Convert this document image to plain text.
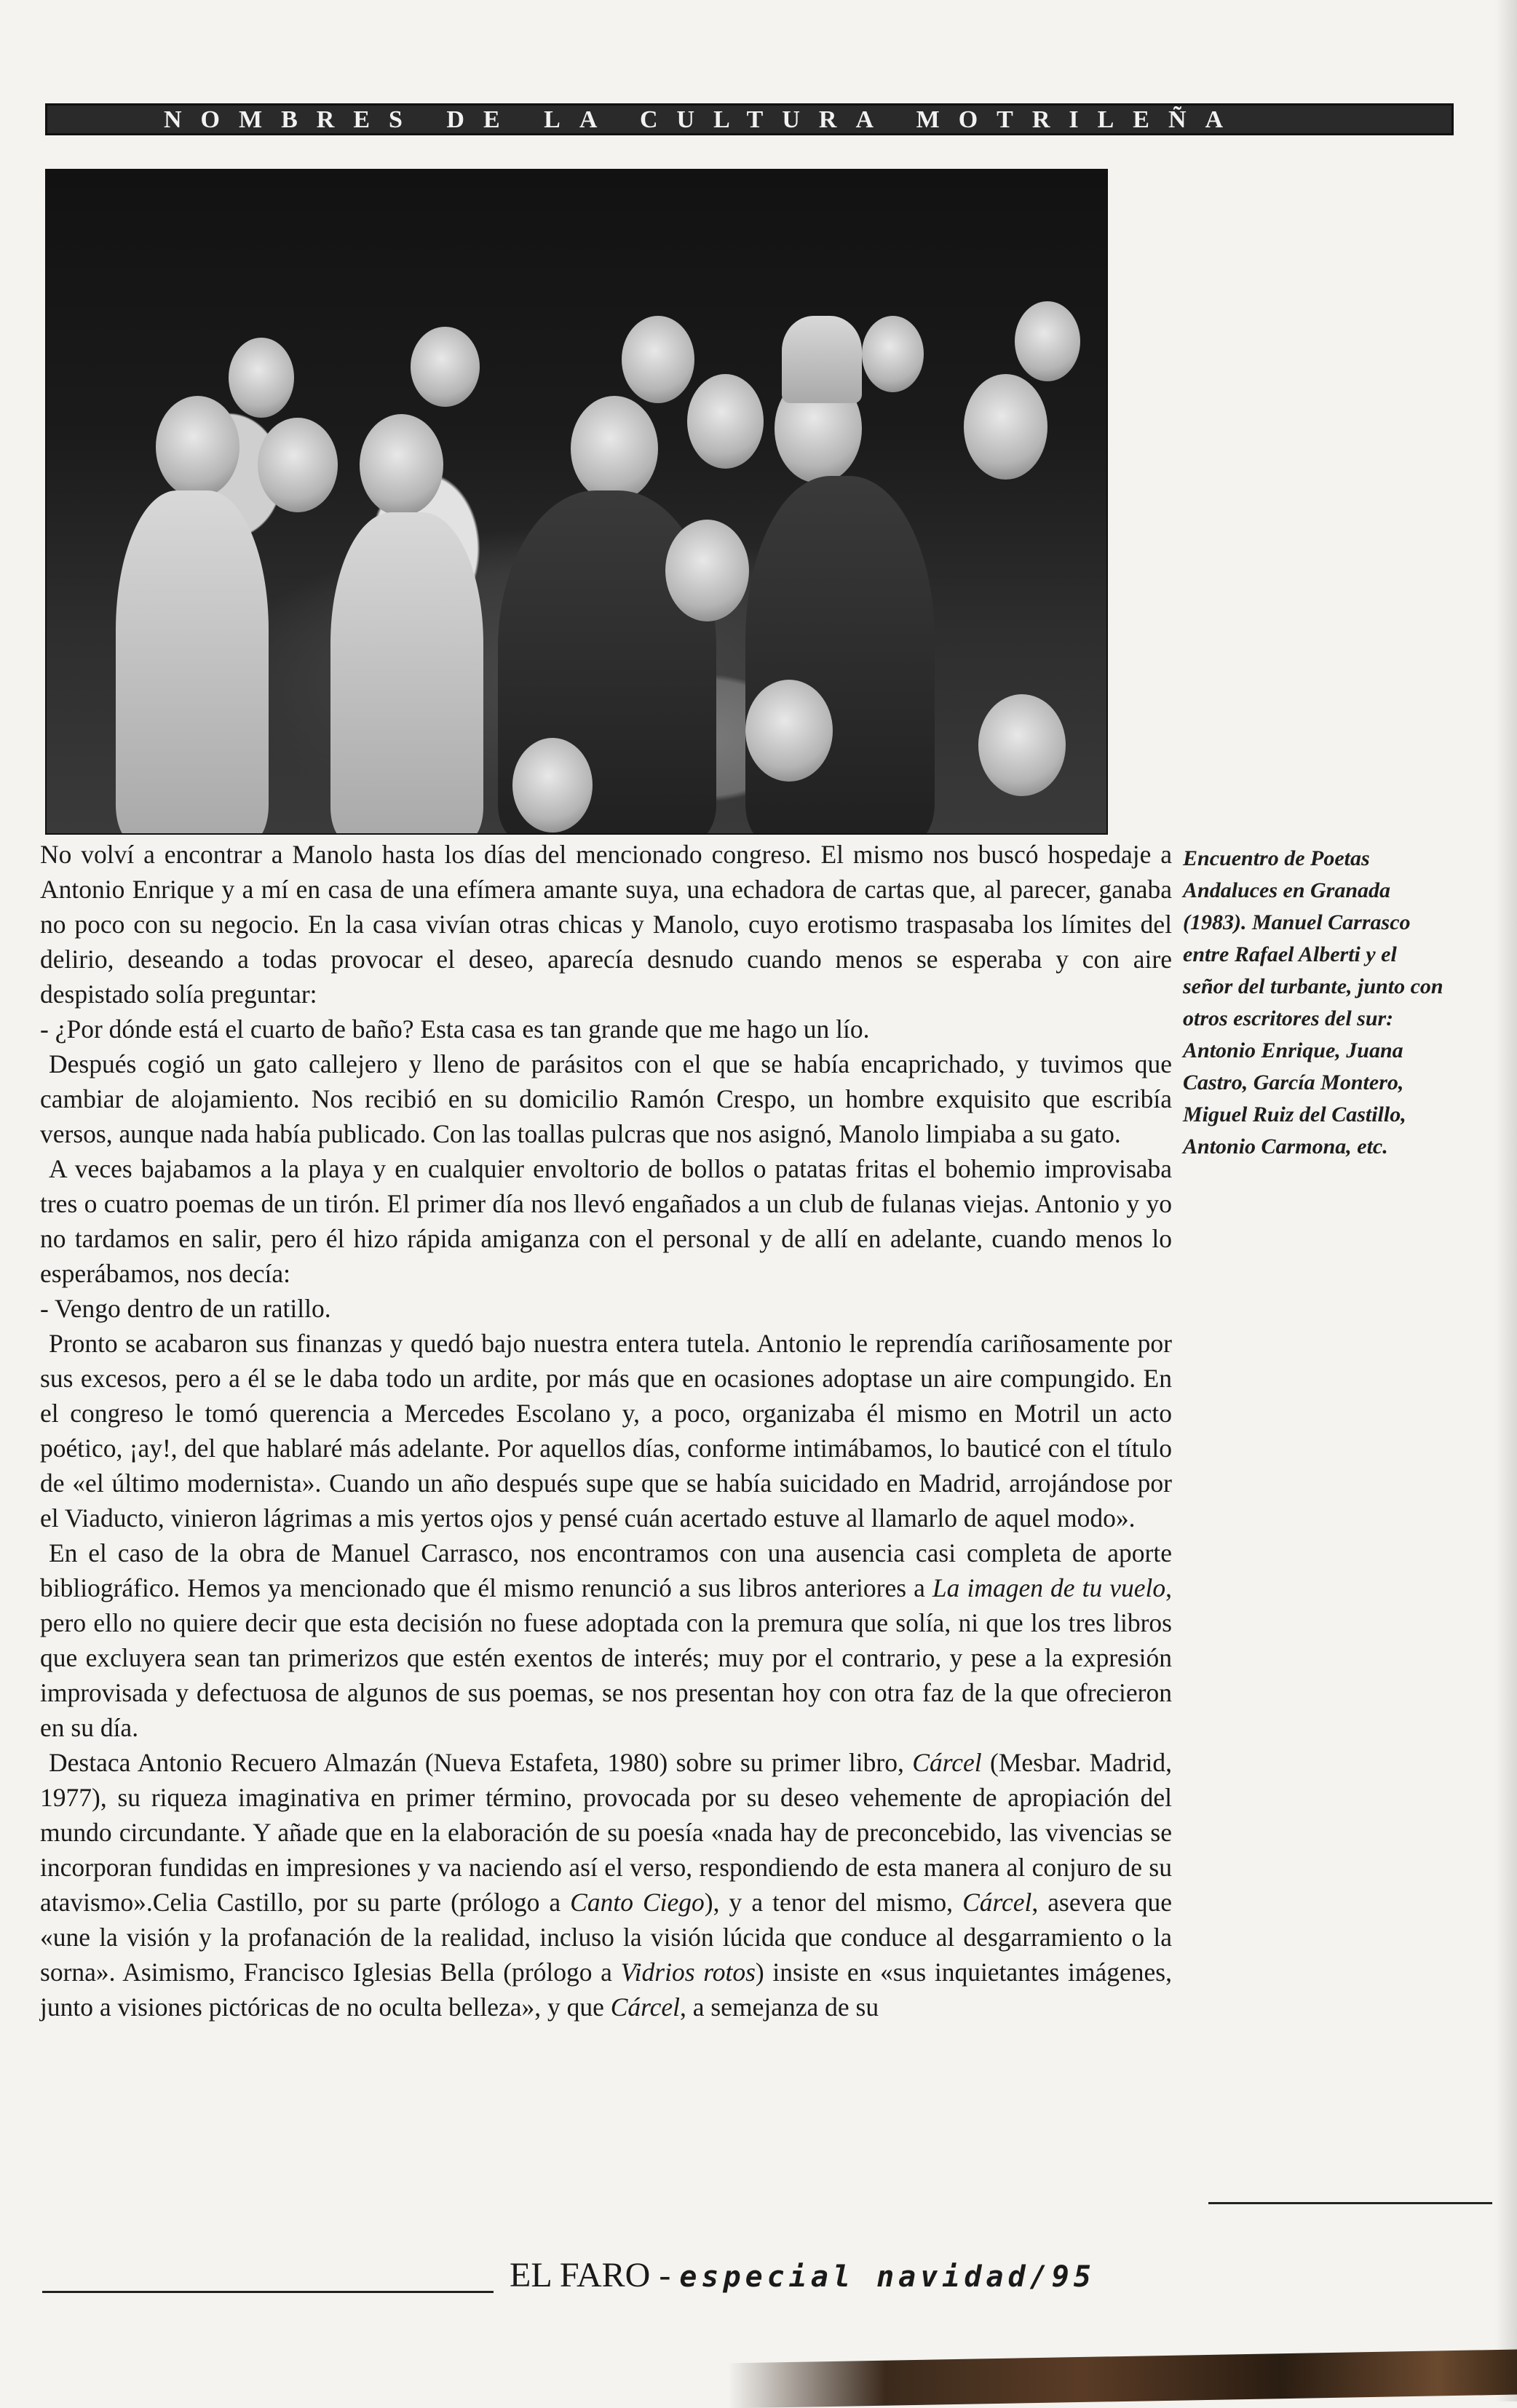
NOMBRES DE LA CULTURA MOTRILEÑA

No volví a encontrar a Manolo hasta los días del mencionado congreso. El mismo nos buscó hospedaje a Antonio Enrique y a mí en casa de una efímera amante suya, una echadora de cartas que, al parecer, ganaba no poco con su negocio. En la casa vivían otras chicas y Manolo, cuyo erotismo traspasaba los límites del delirio, deseando a todas provocar el deseo, aparecía desnudo cuando menos se esperaba y con aire despistado solía preguntar:

- ¿Por dónde está el cuarto de baño? Esta casa es tan grande que me hago un lío.

Después cogió un gato callejero y lleno de parásitos con el que se había encaprichado, y tuvimos que cambiar de alojamiento. Nos recibió en su domicilio Ramón Crespo, un hombre exquisito que escribía versos, aunque nada había publicado. Con las toallas pulcras que nos asignó, Manolo limpiaba a su gato.

A veces bajabamos a la playa y en cualquier envoltorio de bollos o patatas fritas el bohemio improvisaba tres o cuatro poemas de un tirón. El primer día nos llevó engañados a un club de fulanas viejas. Antonio y yo no tardamos en salir, pero él hizo rápida amiganza con el personal y de allí en adelante, cuando menos lo esperábamos, nos decía:

- Vengo dentro de un ratillo.

Pronto se acabaron sus finanzas y quedó bajo nuestra entera tutela. Antonio le reprendía cariñosamente por sus excesos, pero a él se le daba todo un ardite, por más que en ocasiones adoptase un aire compungido. En el congreso le tomó querencia a Mercedes Escolano y, a poco, organizaba él mismo en Motril un acto poético, ¡ay!, del que hablaré más adelante. Por aquellos días, conforme intimábamos, lo bauticé con el título de «el último modernista». Cuando un año después supe que se había suicidado en Madrid, arrojándose por el Viaducto, vinieron lágrimas a mis yertos ojos y pensé cuán acertado estuve al llamarlo de aquel modo».

En el caso de la obra de Manuel Carrasco, nos encontramos con una ausencia casi completa de aporte bibliográfico. Hemos ya mencionado que él mismo renunció a sus libros anteriores a La imagen de tu vuelo, pero ello no quiere decir que esta decisión no fuese adoptada con la premura que solía, ni que los tres libros que excluyera sean tan primerizos que estén exentos de interés; muy por el contrario, y pese a la expresión improvisada y defectuosa de algunos de sus poemas, se nos presentan hoy con otra faz de la que ofrecieron en su día.

Destaca Antonio Recuero Almazán (Nueva Estafeta, 1980) sobre su primer libro, Cárcel (Mesbar. Madrid, 1977), su riqueza imaginativa en primer término, provocada por su deseo vehemente de apropiación del mundo circundante. Y añade que en la elaboración de su poesía «nada hay de preconcebido, las vivencias se incorporan fundidas en impresiones y va naciendo así el verso, respondiendo de esta manera al conjuro de su atavismo».Celia Castillo, por su parte (prólogo a Canto Ciego), y a tenor del mismo, Cárcel, asevera que «une la visión y la profanación de la realidad, incluso la visión lúcida que conduce al desgarramiento o la sorna». Asimismo, Francisco Iglesias Bella (prólogo a Vidrios rotos) insiste en «sus inquietantes imágenes, junto a visiones pictóricas de no oculta belleza», y que Cárcel, a semejanza de su

Encuentro de Poetas
Andaluces en Granada
(1983). Manuel Carrasco
entre Rafael Alberti y el
señor del turbante, junto con
otros escritores del sur:
Antonio Enrique, Juana
Castro, García Montero,
Miguel Ruiz del Castillo,
Antonio Carmona, etc.
EL FARO - especial navidad/95
